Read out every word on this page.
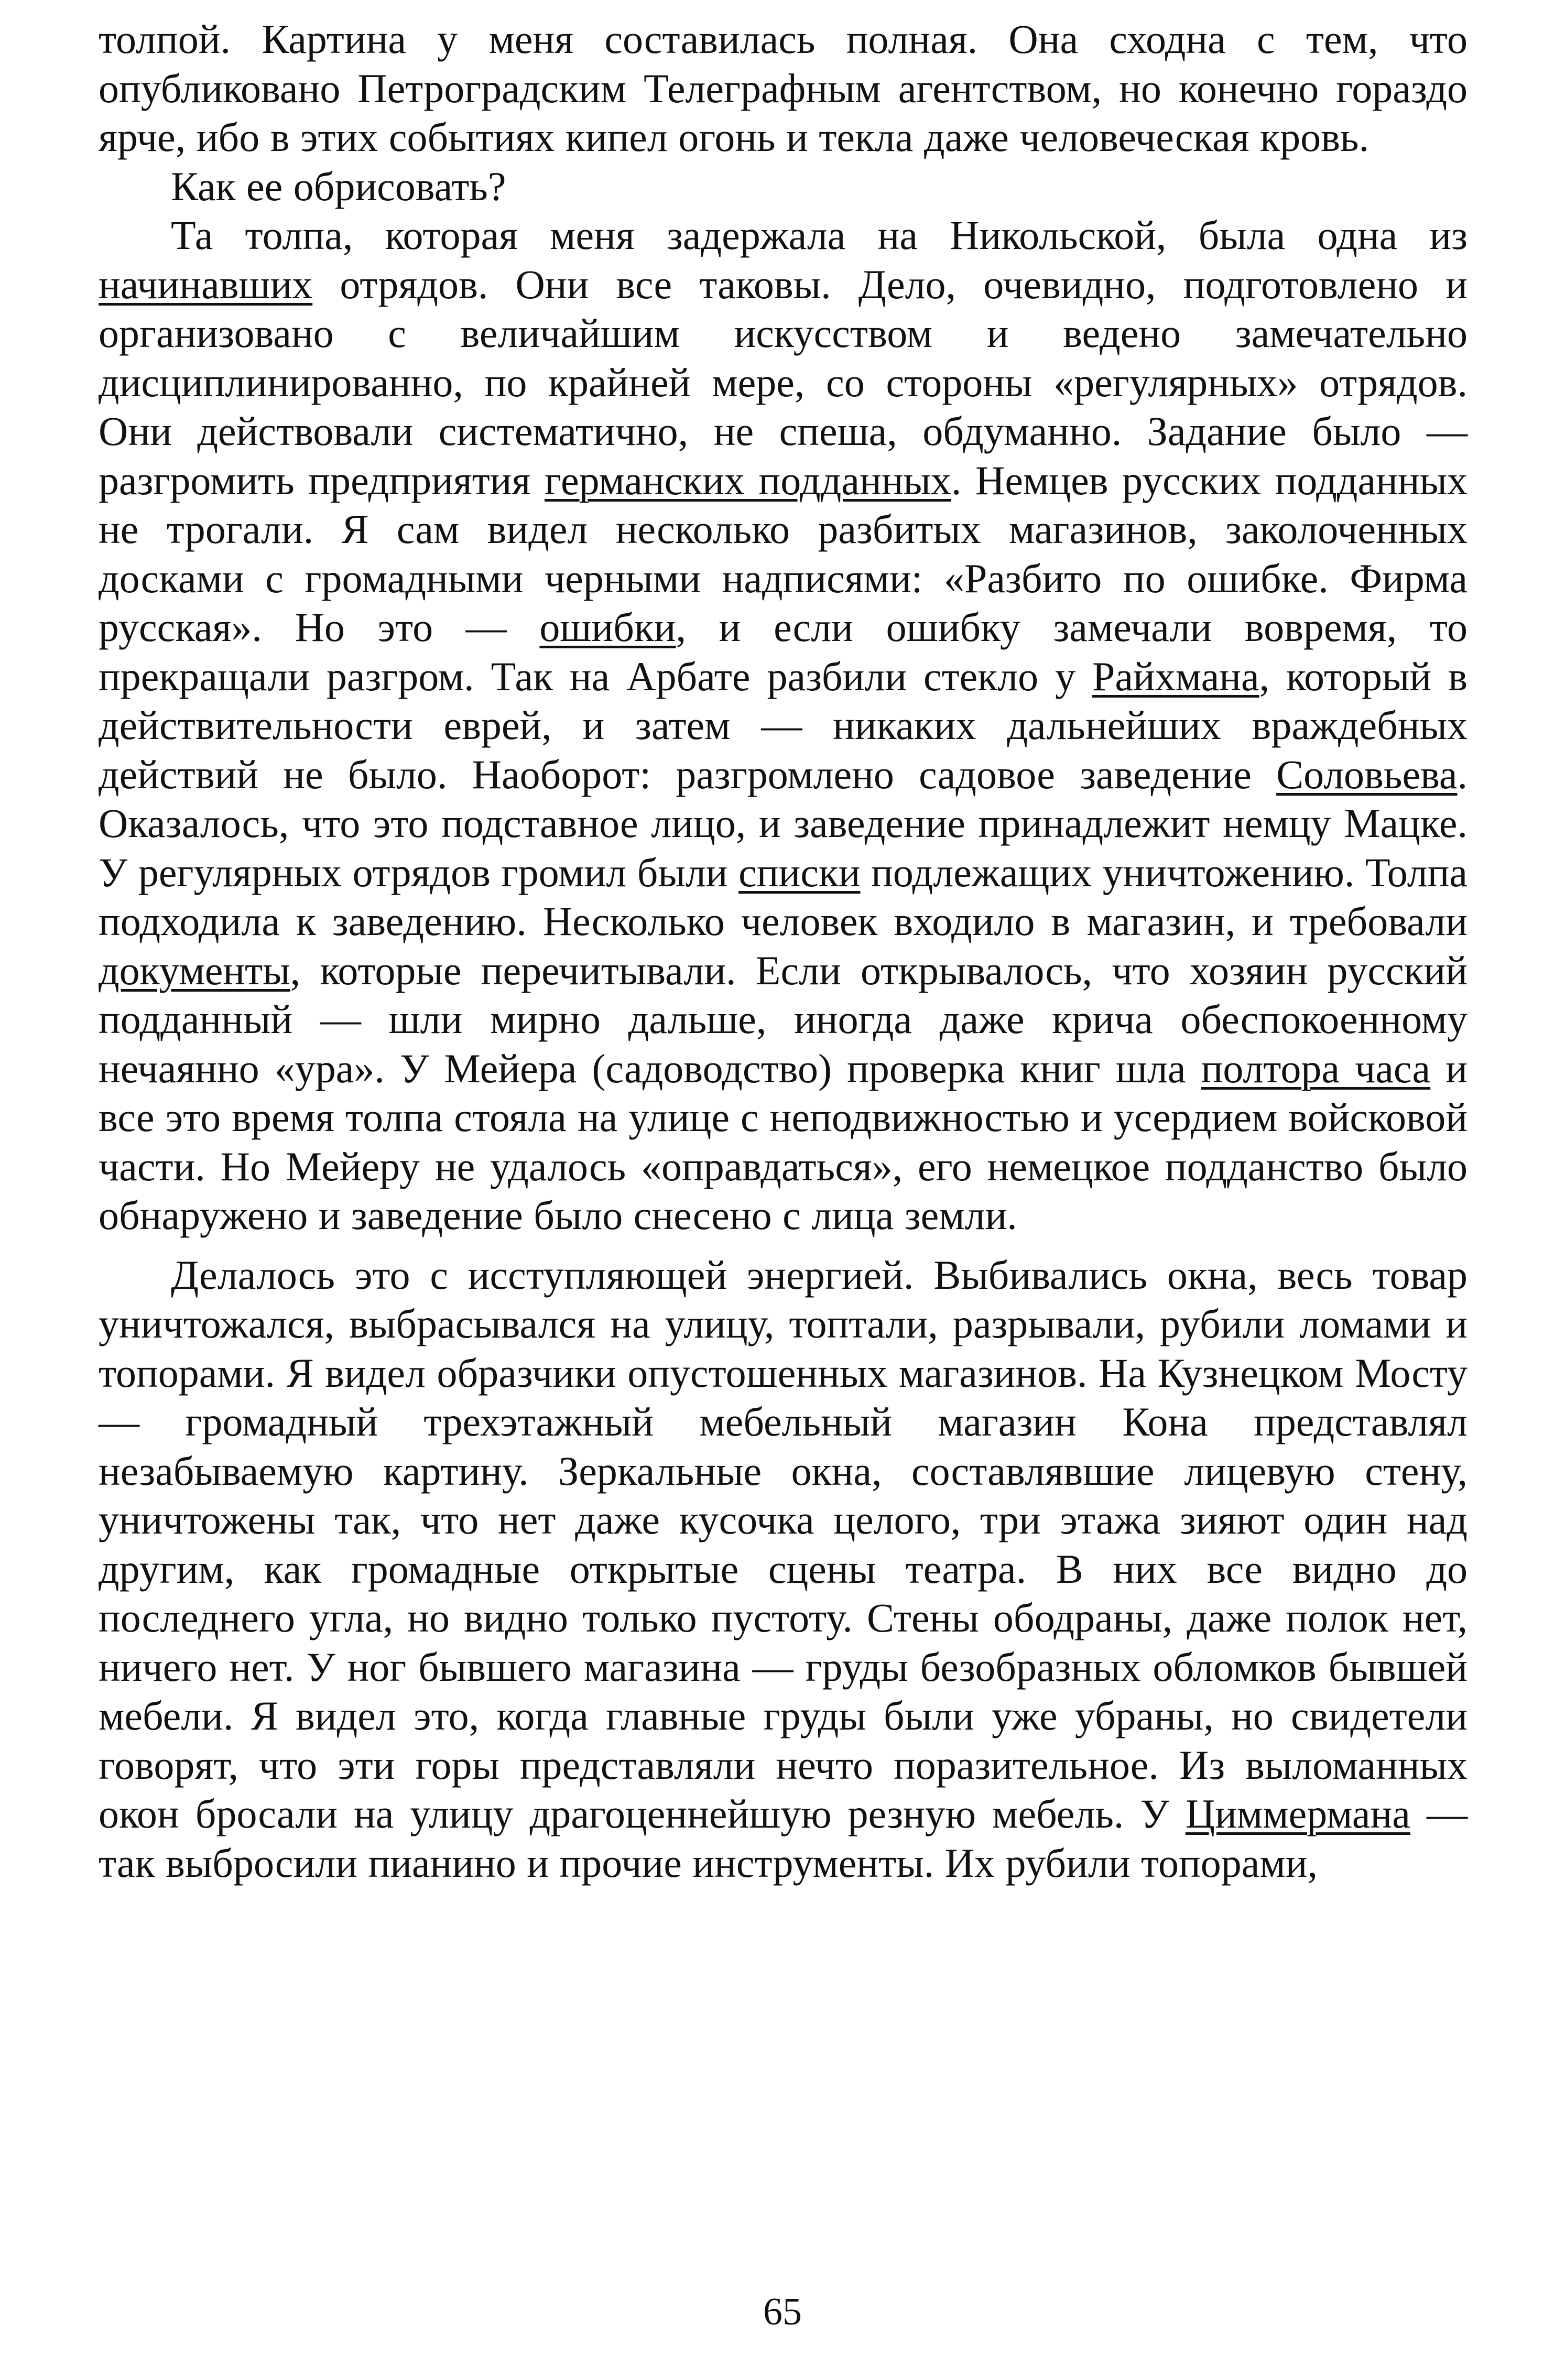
толпой. Картина у меня составилась полная. Она сходна с тем, что опубликовано Петроградским Телеграфным агентством, но конечно гораздо ярче, ибо в этих событиях кипел огонь и текла даже человеческая кровь.

Как ее обрисовать?

Та толпа, которая меня задержала на Никольской, была одна из начинавших отрядов. Они все таковы. Дело, очевидно, подготовлено и организовано с величайшим искусством и ведено замечательно дисциплинированно, по крайней мере, со стороны «регулярных» отрядов. Они действовали систематично, не спеша, обдуманно. Задание было — разгромить предприятия германских подданных. Немцев русских подданных не трогали. Я сам видел несколько разбитых магазинов, заколоченных досками с громадными черными надписями: «Разбито по ошибке. Фирма русская». Но это — ошибки, и если ошибку замечали вовремя, то прекращали разгром. Так на Арбате разбили стекло у Райхмана, который в действительности еврей, и затем — никаких дальнейших враждебных действий не было. Наоборот: разгромлено садовое заведение Соловьева. Оказалось, что это подставное лицо, и заведение принадлежит немцу Мацке. У регулярных отрядов громил были списки подлежащих уничтожению. Толпа подходила к заведению. Несколько человек входило в магазин, и требовали документы, которые перечитывали. Если открывалось, что хозяин русский подданный — шли мирно дальше, иногда даже крича обеспокоенному нечаянно «ура». У Мейера (садоводство) проверка книг шла полтора часа и все это время толпа стояла на улице с неподвижностью и усердием войсковой части. Но Мейеру не удалось «оправдаться», его немецкое подданство было обнаружено и заведение было снесено с лица земли.

Делалось это с исступляющей энергией. Выбивались окна, весь товар уничтожался, выбрасывался на улицу, топтали, разрывали, рубили ломами и топорами. Я видел образчики опустошенных магазинов. На Кузнецком Мосту — громадный трехэтажный мебельный магазин Кона представлял незабываемую картину. Зеркальные окна, составлявшие лицевую стену, уничтожены так, что нет даже кусочка целого, три этажа зияют один над другим, как громадные открытые сцены театра. В них все видно до последнего угла, но видно только пустоту. Стены ободраны, даже полок нет, ничего нет. У ног бывшего магазина — груды безобразных обломков бывшей мебели. Я видел это, когда главные груды были уже убраны, но свидетели говорят, что эти горы представляли нечто поразительное. Из выломанных окон бросали на улицу драгоценнейшую резную мебель. У Циммермана — так выбросили пианино и прочие инструменты. Их рубили топорами,

65
